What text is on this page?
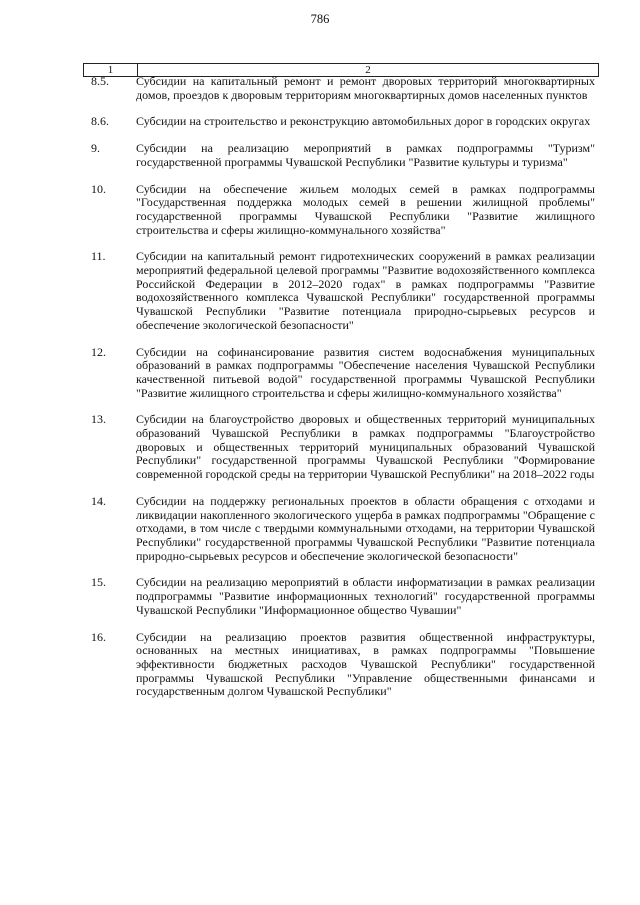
786
1	2
8.5.	Субсидии на капитальный ремонт и ремонт дворовых территорий многоквартирных домов, проездов к дворовым территориям многоквартирных домов населенных пунктов
8.6.	Субсидии на строительство и реконструкцию автомобильных дорог в городских округах
9.	Субсидии на реализацию мероприятий в рамках подпрограммы "Туризм" государственной программы Чувашской Республики "Развитие культуры и туризма"
10.	Субсидии на обеспечение жильем молодых семей в рамках подпрограммы "Государственная поддержка молодых семей в решении жилищной проблемы" государственной программы Чувашской Республики "Развитие жилищного строительства и сферы жилищно-коммунального хозяйства"
11.	Субсидии на капитальный ремонт гидротехнических сооружений в рамках реализации мероприятий федеральной целевой программы "Развитие водохозяйственного комплекса Российской Федерации в 2012–2020 годах" в рамках подпрограммы "Развитие водохозяйственного комплекса Чувашской Республики" государственной программы Чувашской Республики "Развитие потенциала природно-сырьевых ресурсов и обеспечение экологической безопасности"
12.	Субсидии на софинансирование развития систем водоснабжения муниципальных образований в рамках подпрограммы "Обеспечение населения Чувашской Республики качественной питьевой водой" государственной программы Чувашской Республики "Развитие жилищного строительства и сферы жилищно-коммунального хозяйства"
13.	Субсидии на благоустройство дворовых и общественных территорий муниципальных образований Чувашской Республики в рамках подпрограммы "Благоустройство дворовых и общественных территорий муниципальных образований Чувашской Республики" государственной программы Чувашской Республики "Формирование современной городской среды на территории Чувашской Республики" на 2018–2022 годы
14.	Субсидии на поддержку региональных проектов в области обращения с отходами и ликвидации накопленного экологического ущерба в рамках подпрограммы "Обращение с отходами, в том числе с твердыми коммунальными отходами, на территории Чувашской Республики" государственной программы Чувашской Республики "Развитие потенциала природно-сырьевых ресурсов и обеспечение экологической безопасности"
15.	Субсидии на реализацию мероприятий в области информатизации в рамках реализации подпрограммы "Развитие информационных технологий" государственной программы Чувашской Республики "Информационное общество Чувашии"
16.	Субсидии на реализацию проектов развития общественной инфраструктуры, основанных на местных инициативах, в рамках подпрограммы "Повышение эффективности бюджетных расходов Чувашской Республики" государственной программы Чувашской Республики "Управление общественными финансами и государственным долгом Чувашской Республики"
